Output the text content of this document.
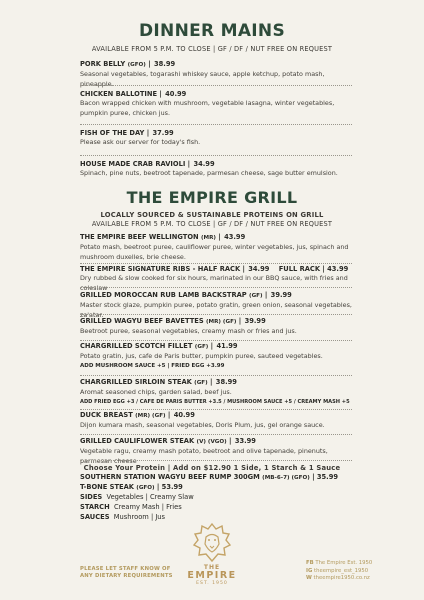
DINNER MAINS
AVAILABLE FROM 5 P.M. TO CLOSE | GF / DF / NUT FREE ON REQUEST
PORK BELLY (GFO) | 38.99
Seasonal vegetables, togarashi whiskey sauce, apple ketchup, potato mash, pineapple.
CHICKEN BALLOTINE | 40.99
Bacon wrapped chicken with mushroom, vegetable lasagna, winter vegetables, pumpkin puree, chicken jus.
FISH OF THE DAY | 37.99
Please ask our server for today's fish.
HOUSE MADE CRAB RAVIOLI | 34.99
Spinach, pine nuts, beetroot tapenade, parmesan cheese, sage butter emulsion.
THE EMPIRE GRILL
LOCALLY SOURCED & SUSTAINABLE PROTEINS ON GRILL
AVAILABLE FROM 5 P.M. TO CLOSE | GF / DF / NUT FREE ON REQUEST
THE EMPIRE BEEF WELLINGTON (MR) | 43.99
Potato mash, beetroot puree, cauliflower puree, winter vegetables, jus, spinach and mushroom duxelles, brie cheese.
THE EMPIRE SIGNATURE RIBS - HALF RACK | 34.99 FULL RACK | 43.99
Dry rubbed & slow cooked for six hours, marinated in our BBQ sauce, with fries and coleslaw
GRILLED MOROCCAN RUB LAMB BACKSTRAP (GF) | 39.99
Master stock glaze, pumpkin puree, potato gratin, green onion, seasonal vegetables, za'atar.
GRILLED WAGYU BEEF BAVETTES (MR) (GF) | 39.99
Beetroot puree, seasonal vegetables, creamy mash or fries and jus.
CHARGRILLED SCOTCH FILLET (GF) | 41.99
Potato gratin, jus, cafe de Paris butter, pumpkin puree, sauteed vegetables.
ADD MUSHROOM SAUCE +5 | FRIED EGG +3.99
CHARGRILLED SIRLOIN STEAK (GF) | 38.99
Aromat seasoned chips, garden salad, beef jus.
ADD FRIED EGG +3 / CAFE DE PARIS BUTTER +3.5 / MUSHROOM SAUCE +5 / CREAMY MASH +5
DUCK BREAST (MR) (GF) | 40.99
Dijon kumara mash, seasonal vegetables, Doris Plum, jus, gel orange sauce.
GRILLED CAULIFLOWER STEAK (V) (VGO) | 33.99
Vegetable ragu, creamy mash potato, beetroot and olive tapenade, pinenuts, parmesan cheese
Choose Your Protein | Add on $12.90 1 Side, 1 Starch & 1 Sauce
SOUTHERN STATION WAGYU BEEF RUMP 300GM (MB-6-7) (GFO) | 35.99
T-BONE STEAK (GFO) | 53.99
SIDES Vegetables | Creamy Slaw
STARCH Creamy Mash | Fries
SAUCES Mushroom | Jus
PLEASE LET STAFF KNOW OF
ANY DIETARY REQUIREMENTS
THE
EMPIRE
EST. 1950
FB The Empire Est. 1950
IG theempire_est_1950
W theempire1950.co.nz
